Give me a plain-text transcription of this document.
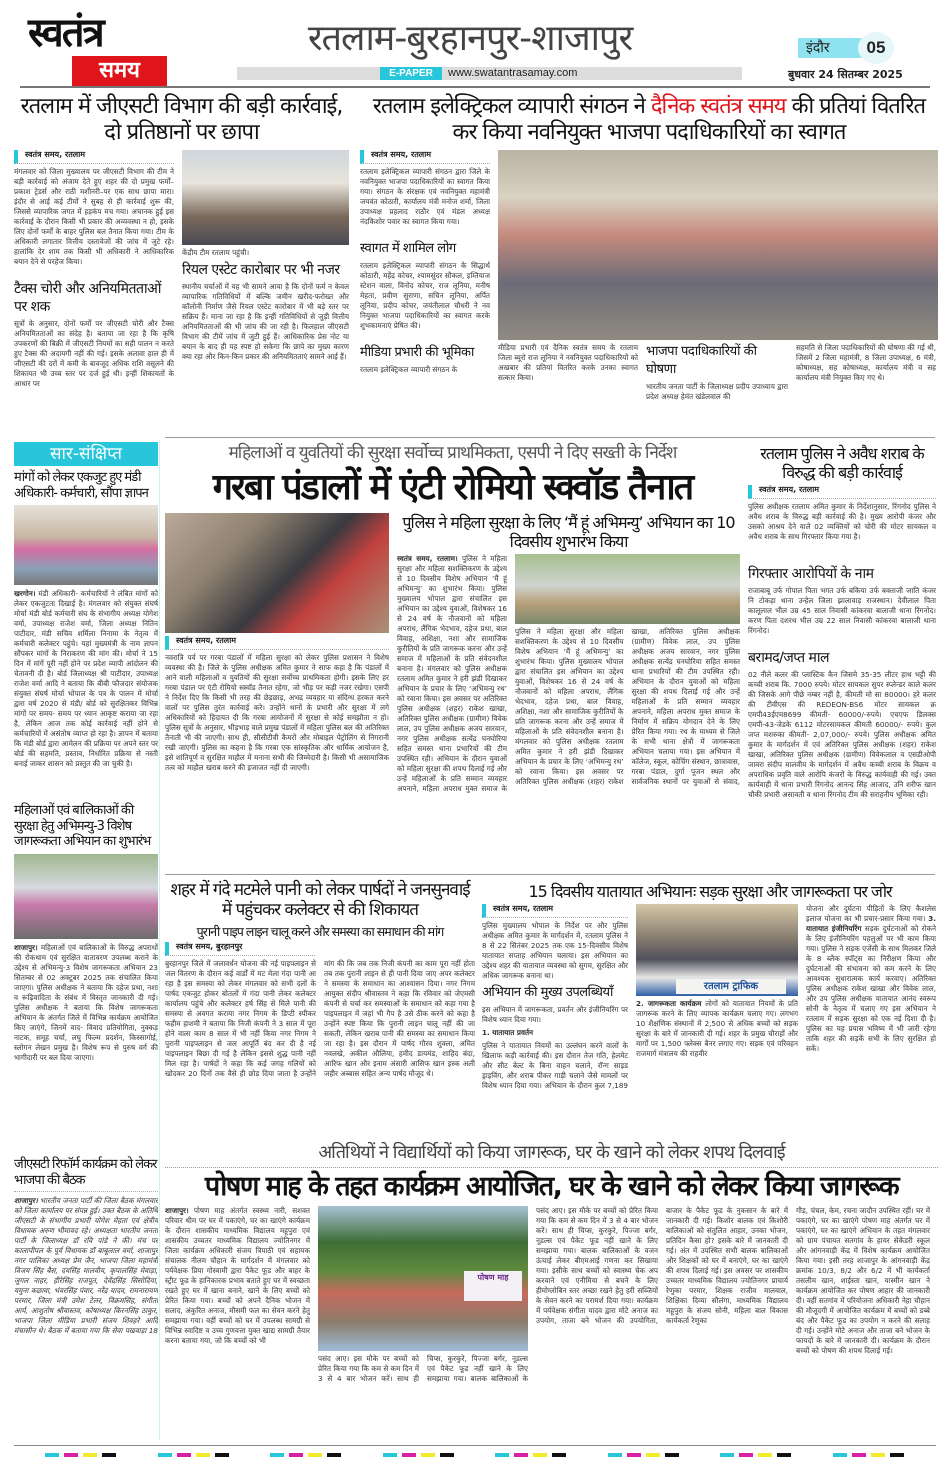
स्वतंत्र
समय
रतलाम-बुरहानपुर-शाजापुर
E-PAPER	www.swatantrasamay.com
इंदौर	05
बुधवार 24 सितम्बर 2025
रतलाम में जीएसटी विभाग की बड़ी कार्रवाई, दो प्रतिष्ठानों पर छापा
स्वतंत्र समय, रतलाम
मंगलवार को जिला मुख्यालय पर जीएसटी विभाग की टीम ने बड़ी कार्रवाई को अंजाम देते हुए शहर की दो प्रमुख फर्मों–प्रकाश ट्रेडर्स और राठी मशीनरी–पर एक साथ छापा मारा। इंदौर से आई कई टीमों ने सुबह से ही कार्रवाई शुरू की, जिससे व्यापारिक जगत में हड़कंप मच गया। अचानक हुई इस कार्रवाई के दौरान किसी भी प्रकार की अव्यवस्था न हो, इसके लिए दोनों फर्मों के बाहर पुलिस बल तैनात किया गया। टीम के अधिकारी लगातार वित्तीय दस्तावेजों की जांच में जुटे रहे। हालांकि देर शाम तक किसी भी अधिकारी ने आधिकारिक बयान देने से परहेज किया।
टैक्स चोरी और अनियमितताओं पर शक
सूत्रों के अनुसार, दोनों फर्मों पर जीएसटी चोरी और टैक्स अनियमितताओं का संदेह है। बताया जा रहा है कि कृषि उपकरणों की बिक्री में जीएसटी नियमों का सही पालन न करते हुए टैक्स की अदायगी नहीं की गई। इसके अलावा हाल ही में जीएसटी की दरों में कमी के बावजूद अधिक राशि वसूलने की शिकायत भी उच्च स्तर पर दर्ज हुई थी। इन्हीं शिकायतों के आधार पर
केंद्रीय टीम रतलाम पहुंची।
रियल एस्टेट कारोबार पर भी नजर
स्थानीय चर्चाओं में यह भी सामने आया है कि दोनों फर्म न केवल व्यापारिक गतिविधियों में बल्कि जमीन खरीद-फरोख्त और कॉलोनी निर्माण जैसे रियल एस्टेट कारोबार में भी बड़े स्तर पर सक्रिय हैं। माना जा रहा है कि इन्हीं गतिविधियों से जुड़ी वित्तीय अनियमितताओं की भी जांच की जा रही है। फिलहाल जीएसटी विभाग की टीमें जांच में जुटी हुई हैं। आधिकारिक प्रेस नोट या बयान के बाद ही यह स्पष्ट हो सकेगा कि छापे का मुख्य कारण क्या रहा और किन-किन प्रकार की अनियमितताएं सामने आई हैं।
रतलाम इलेक्ट्रिकल व्यापारी संगठन ने दैनिक स्वतंत्र समय की प्रतियां वितरित कर किया नवनियुक्त भाजपा पदाधिकारियों का स्वागत
स्वतंत्र समय, रतलाम
रतलाम इलेक्ट्रिकल व्यापारी संगठन द्वारा जिले के नवनियुक्त भाजपा पदाधिकारियों का स्वागत किया गया। संगठन के संरक्षक एवं नवनियुक्त महामंत्री जयवंत कोठारी, कार्यालय मंत्री मनोज शर्मा, जिला उपाध्यक्ष प्रहलाद राठौर एवं मंडल अध्यक्ष नंदकिशोर पवार का स्वागत किया गया।
स्वागत में शामिल लोग
रतलाम इलेक्ट्रिकल व्यापारी संगठन के सिद्धार्थ कोठारी, महेंद्र कोचर, श्यामसुंदर सौकल, इम्तियाज स्टेशन वाला, विनोद कोचर, राज लूनिया, मनीष मेहता, प्रवीण सुराणा, सचिन लूनिया, अर्पित लूनिया, प्रदीप कोचर, जयंतीलाल चौधरी ने नव नियुक्त भाजपा पदाधिकारियों का स्वागत करके शुभकामनाएं प्रेषित की।
मीडिया प्रभारी की भूमिका
रतलाम इलेक्ट्रिकल व्यापारी संगठन के
मीडिया प्रभारी एवं दैनिक स्वतंत्र समय के रतलाम जिला ब्यूरो राज लूनिया ने नवनियुक्त पदाधिकारियों को अखबार की प्रतियां वितरित करके उनका स्वागत सत्कार किया।
भाजपा पदाधिकारियों की घोषणा
भारतीय जनता पार्टी के जिलाध्यक्ष प्रदीप उपाध्याय द्वारा प्रदेश अध्यक्ष हेमंत खंडेलवाल की
सहमति से जिला पदाधिकारियों की घोषणा की गई थी, जिसमें 2 जिला महामंत्री, 8 जिला उपाध्यक्ष, 6 मंत्री, कोषाध्यक्ष, सह कोषाध्यक्ष, कार्यालय मंत्री व सह कार्यालय मंत्री नियुक्त किए गए थे।
सार-संक्षिप्त
मांगों को लेकर एकजुट हुए मंडी अधिकारी- कर्मचारी, सौंपा ज्ञापन
खरगोन। मंडी अधिकारी- कर्मचारियों ने लंबित मांगों को लेकर एकजुटता दिखाई है। मंगलवार को संयुक्त संघर्ष मोर्चा मंडी बोर्ड कर्मचारी संघ के संभागीय अध्यक्ष योगेश वर्मा, उपाध्यक्ष राजेश वर्मा, जिला अध्यक्ष नितिन पाटीदार, मंडी सचिव शर्मिला निनामा के नेतृत्व में कर्मचारी कलेक्टर पहुंचे। यहां मुख्यमंत्री के नाम ज्ञापन सौंपकर मांगों के निराकरण की मांग की। मोर्चा ने 15 दिन में मांगें पूरी नहीं होने पर प्रदेश व्यापी आंदोलन की चेतावनी दी है। बोर्ड जिलाध्यक्ष श्री पाटीदार, उपाध्यक्ष राजेश वर्मा आदि ने बताया कि बीबी फौजदार संयोजक संयुक्त संघर्ष मोर्चा भोपाल के पत्र के पालन में मोर्चा द्वारा वर्ष 2020 से मंडी/ बोर्ड को सुरक्षितकर विभिन्न मांगों पर समय- समय पर ध्यान आकृष्ट कराया जा रहा है, लेकिन आज तक कोई कार्रवाई नहीं होने से कर्मचारियों में असंतोष व्याप्त हो रहा है। ज्ञापन में बताया कि मंडी बोर्ड द्वारा आमेलन की प्रक्रिया पर अपने स्तर पर बोर्ड की सहमति, प्रस्ताव, निर्धारित प्रक्रिया से नस्ती बनाई जाकर शासन को प्रस्तुत की जा चुकी है।
महिलाओं एवं बालिकाओं की सुरक्षा हेतु अभिमन्यु-3 विशेष जागरूकता अभियान का शुभारंभ
शाजापुर। महिलाओं एवं बालिकाओं के विरुद्ध अपराधों की रोकथाम एवं सुरक्षित वातावरण उपलब्ध कराने के उद्देश्य से अभिमन्यु-3 विशेष जागरूकता अभियान 23 सितम्बर से 02 अक्टूबर 2025 तक संचालित किया जाएगा। पुलिस अधीक्षक ने बताया कि दहेज प्रथा, नशा व रूढ़िवादिता के संबंध में विस्तृत जानकारी दी गई। पुलिस अधीक्षक ने बताया कि विशेष जागरूकता अभियान के अंतर्गत जिले में विभिन्न कार्यक्रम आयोजित किए जाएंगे, जिनमें वाद- विवाद प्रतियोगिता, नुक्कड़ नाटक, समूह चर्चा, लघु फिल्म प्रदर्शन, किस्सागोई, स्लोगन लेखन प्रमुख है। विशेष रूप से पुरुष वर्ग की भागीदारी पर बल दिया जाएगा।
जीएसटी रिफॉर्म कार्यक्रम को लेकर भाजपा की बैठक
शाजापुर। भारतीय जनता पार्टी की जिला बैठक मंगलवार को जिला कार्यालय पर संपन्न हुई। उक्त बैठक के अतिथि जीएसटी के संभागीय प्रभारी योगेश मेहता एवं क्षेत्रीय विधायक अरुण भीमावद रहे। अध्यक्षता भारतीय जनता पार्टी के जिलाध्यक्ष डॉ रवि पांडे ने की। मंच पर कालापीपल के पूर्व विधायक डॉ बाबूलाल वर्मा, शाजापुर नगर पालिका अध्यक्ष प्रेम जैन, भाजपा जिला महामंत्री विजय सिंह बैस, दयसिंह मालवीय, कृपालसिंह मेवाड़ा, जुगल नाहर, हीरेसिंह राजपूत, देवेंद्रसिंह सिसोदिया, यमुना कछावा, भंवरसिंह पंवार, नरेंद्र यादव, रामनारायण परमार, जिला मंत्री उमेश टेलर, विक्रमसिंह, संगीता आर्य, आशुतोष श्रीवास्तव, कोषाध्यक्ष किरनसिंह ठाकुर, भाजपा जिला मीडिया प्रभारी संजय शिवहरे आदि मंचासीन थे। बैठक में बताया गया कि सेवा पखवाड़ा 18
महिलाओं व युवतियों की सुरक्षा सर्वोच्च प्राथमिकता, एसपी ने दिए सख्ती के निर्देश
गरबा पंडालों में एंटी रोमियो स्क्वॉड तैनात
स्वतंत्र समय, रतलाम
नवरात्रि पर्व पर गरबा पंडालों में महिला सुरक्षा को लेकर पुलिस प्रशासन ने विशेष व्यवस्था की है। जिले के पुलिस अधीक्षक अमित कुमार ने साफ कहा है कि पंडालों में आने वाली महिलाओं व युवतियों की सुरक्षा सर्वोच्च प्राथमिकता होगी। इसके लिए हर गरबा पंडाल पर एंटी रोमियो स्क्वॉड तैनात रहेगा, जो भीड़ पर कड़ी नजर रखेगा। एसपी ने निर्देश दिए कि किसी भी तरह की छेड़छाड़, अभद्र व्यवहार या संदिग्ध हरकत करने वालों पर पुलिस तुरंत कार्रवाई करे। उन्होंने थानों के प्रभारी और सुरक्षा में लगे अधिकारियों को हिदायत दी कि गरबा आयोजनों में सुरक्षा से कोई समझौता न हो। पुलिस सूत्रों के अनुसार, भीड़भाड़ वाले प्रमुख पंडालों में महिला पुलिस बल की अतिरिक्त तैनाती भी की जाएगी। साथ ही, सीसीटीवी कैमरों और मोबाइल पेट्रोलिंग से निगरानी रखी जाएगी। पुलिस का कहना है कि गरबा एक सांस्कृतिक और धार्मिक आयोजन है, इसे शांतिपूर्ण व सुरक्षित माहौल में मनाना सभी की जिम्मेदारी है। किसी भी असामाजिक तत्व को माहौल खराब करने की इजाजत नहीं दी जाएगी।
पुलिस ने महिला सुरक्षा के लिए ‘मैं हूं अभिमन्यु’ अभियान का 10 दिवसीय शुभारंभ किया
स्वतंत्र समय, रतलाम। पुलिस ने महिला सुरक्षा और महिला सशक्तिकरण के उद्देश्य से 10 दिवसीय विशेष अभियान ‘मैं हूं अभिमन्यु’ का शुभारंभ किया। पुलिस मुख्यालय भोपाल द्वारा संचालित इस अभियान का उद्देश्य युवाओं, विशेषकर 16 से 24 वर्ष के नौजवानों को महिला अपराध, लैंगिक भेदभाव, दहेज प्रथा, बाल विवाह, अशिक्षा, नशा और सामाजिक कुरीतियों के प्रति जागरूक करना और उन्हें समाज में महिलाओं के प्रति संवेदनशील बनाना है। मंगलवार को पुलिस अधीक्षक रतलाम अमित कुमार ने हरी झंडी दिखाकर अभियान के प्रचार के लिए ‘अभिमन्यु रथ’ को रवाना किया। इस अवसर पर अतिरिक्त पुलिस अधीक्षक (शहर) राकेश खाखा, अतिरिक्त पुलिस अधीक्षक (ग्रामीण) विवेक लाल, उप पुलिस अधीक्षक अजय सारवान, नगर पुलिस अधीक्षक सत्येंद्र घनघोरिया सहित समस्त थाना प्रभारियों की टीम उपस्थित रही। अभियान के दौरान युवाओं को महिला सुरक्षा की शपथ दिलाई गई और उन्हें महिलाओं के प्रति सम्मान व्यवहार अपनाने, महिला अपराध मुक्त समाज के
पुलिस ने महिला सुरक्षा और महिला सशक्तिकरण के उद्देश्य से 10 दिवसीय विशेष अभियान ‘मैं हूं अभिमन्यु’ का शुभारंभ किया। पुलिस मुख्यालय भोपाल द्वारा संचालित इस अभियान का उद्देश्य युवाओं, विशेषकर 16 से 24 वर्ष के नौजवानों को महिला अपराध, लैंगिक भेदभाव, दहेज प्रथा, बाल विवाह, अशिक्षा, नशा और सामाजिक कुरीतियों के प्रति जागरूक करना और उन्हें समाज में महिलाओं के प्रति संवेदनशील बनाना है। मंगलवार को पुलिस अधीक्षक रतलाम अमित कुमार ने हरी झंडी दिखाकर अभियान के प्रचार के लिए ‘अभिमन्यु रथ’ को रवाना किया। इस अवसर पर अतिरिक्त पुलिस अधीक्षक (शहर) राकेश खाखा, अतिरिक्त पुलिस अधीक्षक (ग्रामीण) विवेक लाल, उप पुलिस अधीक्षक अजय सारवान, नगर पुलिस अधीक्षक सत्येंद्र घनघोरिया सहित समस्त थाना प्रभारियों की टीम उपस्थित रही। अभियान के दौरान युवाओं को महिला सुरक्षा की शपथ दिलाई गई और उन्हें महिलाओं के प्रति सम्मान व्यवहार अपनाने, महिला अपराध मुक्त समाज के निर्माण में सक्रिय योगदान देने के लिए प्रेरित किया गया। रथ के माध्यम से जिले के सभी थाना क्षेत्रों में जागरूकता अभियान चलाया गया। इस अभियान में कॉलेज, स्कूल, कोचिंग संस्थान, छात्रावास, गरबा पंडाल, दुर्गा पूजन स्थल और सार्वजनिक स्थानों पर युवाओं से संवाद,
रतलाम पुलिस ने अवैध शराब के विरुद्ध की बड़ी कार्रवाई
स्वतंत्र समय, रतलाम
पुलिस अधीक्षक रतलाम अमित कुमार के निर्देशानुसार, रिंगनोद पुलिस ने अवैध शराब के विरुद्ध बड़ी कार्रवाई की है। मुख्य आरोपी कंजर और उसको आश्रय देने वाले 02 व्यक्तियों को चोरी की मोटर सायकल व अवैध शराब के साथ गिरफ्तार किया गया है।
गिरफ्तार आरोपियों के नाम
राजाबाबू उर्फ गोपाल पिता भगत उर्फ बकिया उर्फ बक्ताजी जाति कंजर नि टोकड़ा थाना उन्हेल जिला झालावाड़ राजस्थान। देवीलाल पिता कालूलाल भील उम्र 45 साल निवासी कांकरवा बालाजी थाना रिंगनोद। करण पिता दशरथ भील उम्र 22 साल निवासी कांकरवा बालाजी थाना रिंगनोद।
बरामद/जप्त माल
02 नीले कलर की प्लास्टिक कैन जिसमे 35-35 लीटर हाथ भट्टी की कच्ची शराब कि. 7000 रुपये। मोटर सायकल सुपर स्प्लेन्डर काले कलर की जिसके आगे पीछे नम्बर नहीं है, कीमती मो सा 80000। हरे कलर की टीवीएस की REDEON-BS6 मोटर सायकल क्र एमपी43ईएम8699 कीमती- 60000/-रुपये। एचएफ डिलक्स एमपी-43-जेडके 6112 मोटरसायकल कीमती 60000/- रुपये। कुल जप्त मशरुका कीमती- 2,07,000/- रुपये। पुलिस अधीक्षक अमित कुमार के मार्गदर्शन में एवं अतिरिक्त पुलिस अधीक्षक (शहर) राकेश खाखा, अतिरिक्त पुलिस अधीक्षक (ग्रामीण) विवेकलाल व एसडीओपी जावरा संदीप मालवीय के मार्गदर्शन में अवैध कच्ची शराब के विक्रय व अपराधिक प्रवृति वाले आरोपि कंजरों के विरुद्ध कार्यवाही की गई। उक्त कार्यवाही में थाना प्रभारी रिंगनोद आनन्द सिंह आजाद, उनि शरीफ खान चौकी प्रभारी असावती व थाना रिंगनोद टीम की सराहनीय भूमिका रही।
शहर में गंदे मटमेले पानी को लेकर पार्षदों ने जनसुनवाई में पहुंचकर कलेक्टर से की शिकायत
पुरानी पाइप लाइन चालू करने और समस्या का समाधान की मांग
स्वतंत्र समय, बुरहानपुर
बुरहानपुर जिले में जलावर्धन योजना की नई पाइपलाइन से जल वितरण के दौरान कई वार्डों में मट मेला गंदा पानी आ रहा है इस समस्या को लेकर मंगलवार को सभी दलों के पार्षद एकजुट होकर बोतलों में गंदा पानी लेकर कलेक्टर कार्यालय पहुंचे और कलेक्टर हर्ष सिंह से मिले पानी की समस्या से अवगत कराया नगर निगम के डिप्टी स्पीकर फहीम हाशमी ने बताया कि निजी कंपनी ने 3 साल में पूरा होने वाला काम 8 साल में भी नहीं किया नगर निगम ने पुरानी पाइपलाइन से जल आपूर्ति बंद कर दी है नई पाइपलाइन बिछा दी गई है लेकिन इससे शुद्ध पानी नहीं मिल रहा है। पार्षदों ने कहा कि कई जगह गलियों को खोदकर 20 दिनों तक वैसे ही छोड़ दिया जाता है उन्होंने मांग की कि जब तक निजी कंपनी का काम पूरा नहीं होता तब तक पुरानी लाइन से ही पानी दिया जाए अपर कलेक्टर ने समस्या के समाधान का आश्वासन दिया। नगर निगम आयुक्त संदीप श्रीवास्तव ने कहा कि रविवार को जेएमसी कंपनी से चर्चा कर समस्याओं के समाधान को कहा गया है पाइपलाइन में जहां भी गैप है उसे ठीक करने को कहा है उन्होंने स्पष्ट किया कि पुरानी लाइन चालू नहीं की जा सकती, लेकिन खराब पानी की समस्या का समाधान किया जा रहा है। इस दौरान में पार्षद गौरव शुक्ला, अमित नवलखे, अकील औलिया, हमीद डायमंड, शाहिद बंदा, आरिफ खान और इनाम अंसारी आसिफ खान इस्क अली जहीर अब्बास सहित अन्य पार्षद मौजूद थे।
15 दिवसीय यातायात अभियानः सड़क सुरक्षा और जागरूकता पर जोर
स्वतंत्र समय, रतलाम
पुलिस मुख्यालय भोपाल के निर्देश पर और पुलिस अधीक्षक अमित कुमार के मार्गदर्शन में, रतलाम पुलिस ने 8 से 22 सितंबर 2025 तक एक 15-दिवसीय विशेष यातायात सप्ताह अभियान चलाया। इस अभियान का उद्देश्य शहर की यातायात व्यवस्था को सुगम, सुरक्षित और अधिक जागरूक बनाना था।
अभियान की मुख्य उपलब्धियाँ
इस अभियान में जागरूकता, प्रवर्तन और इंजीनियरिंग पर विशेष ध्यान दिया गया।
1. यातायात प्रवर्तन
पुलिस ने यातायात नियमों का उल्लंघन करने वालों के खिलाफ कड़ी कार्रवाई की। इस दौरान तेज गति, हेलमेट और सीट बेल्ट के बिना वाहन चलाने, रॉन्ग साइड ड्राइविंग, और शराब पीकर गाड़ी चलाने जैसे मामलों पर विशेष ध्यान दिया गया। अभियान के दौरान कुल 7,189
रतलाम ट्राफिक
2. जागरूकता कार्यक्रम लोगों को यातायात नियमों के प्रति जागरूक करने के लिए व्यापक कार्यक्रम चलाए गए। लगभग 10 शैक्षणिक संस्थानों में 2,500 से अधिक बच्चों को सड़क सुरक्षा के बारे में जानकारी दी गई। शहर के प्रमुख चौराहों और मार्गों पर 1,500 फ्लेक्स बैनर लगाए गए। सड़क एवं परिवहन राजमार्ग मंत्रालय की राहवीर
योजना और दुर्घटना पीड़ितों के लिए कैशलेस इलाज योजना का भी प्रचार-प्रसार किया गया। 3. यातायात इंजीनियरिंग सड़क दुर्घटनाओं को रोकने के लिए इंजीनियरिंग पहलुओं पर भी काम किया गया। पुलिस ने सड़क एजेंसी के साथ मिलकर जिले के 8 ब्लैक स्पॉट्स का निरीक्षण किया और दुर्घटनाओं की संभावना को कम करने के लिए आवश्यक सुधारात्मक कार्य करवाए। अतिरिक्त पुलिस अधीक्षक राकेश खाखा और विवेक लाल, और उप पुलिस अधीक्षक यातायात आनंद स्वरूप सोनी के नेतृत्व में चलाए गए इस अभियान ने रतलाम में सड़क सुरक्षा को एक नई दिशा दी है। पुलिस का यह प्रयास भविष्य में भी जारी रहेगा ताकि शहर की सड़कें सभी के लिए सुरक्षित हो सकें।
अतिथियों ने विद्यार्थियों को किया जागरूक, घर के खाने को लेकर शपथ दिलवाई
पोषण माह के तहत कार्यक्रम आयोजित, घर के खाने को लेकर किया जागरूक
शाजापुर। पोषण माह अंतर्गत स्वस्थ्य नारी, सशक्त परिवार थीम पर घर में पकाएंगे, घर का खाएंगे कार्यक्रम के दौरान शासकीय माध्यमिक विद्यालय महूपुरा एवं शासकीय उच्चतर माध्यमिक विद्यालय ज्योतिनगर में जिला कार्यक्रम अधिकारी संजय त्रिपाठी एवं सहायक संचालक नीलम चौहान के मार्गदर्शन में मंगलवार को पर्यवेक्षक प्रिया गोस्वामी द्वारा पैकेट फूड और बाहर के स्ट्रीट फूड के हानिकारक प्रभाव बताते हुए घर में स्वच्छता रखते हुए घर में खाना बनाने, खाने के लिए बच्चों को प्रेरित किया गया। बच्चों को अपने दैनिक भोजन में सलाद, अंकुरित अनाज, मौसमी फल का सेवन करने हेतु समझाया गया। वहीं बच्चों को घर में उपलब्ध सामग्री से विभिन्न स्वादिष्ट व उच्च गुणवत्ता युक्त खाद्य सामग्री तैयार करना बताया गया, जो कि बच्चों को भी
पोषण माह
पसंद आए। इस मौके पर बच्चों को प्रेरित किया गया कि कम से कम दिन में 3 से 4 बार भोजन करें। साथ ही चिप्स, कुरकुरे, पिज्जा बर्गर, नूडल्स एवं पैकेट फूड नहीं खाने के लिए समझाया गया। बालक बालिकाओं के
पसंद आए। इस मौके पर बच्चों को प्रेरित किया गया कि कम से कम दिन में 3 से 4 बार भोजन करें। साथ ही चिप्स, कुरकुरे, पिज्जा बर्गर, नूडल्स एवं पैकेट फूड नहीं खाने के लिए समझाया गया। बालक बालिकाओं के वजन ऊंचाई लेकर बीएमआई गणना कर सिखाया गया। इसीके साथ बच्चों को स्वास्थ्य चेक अप करवाने एवं एनीमिया से बचने के लिए हीमोग्लोबिन स्तर अच्छा रखने हेतु हरी सब्जियों के सेवन करने का परामर्श दिया गया। कार्यक्रम में पर्यवेक्षक संगीता यादव द्वारा मोटे अनाज का उपयोग, ताजा बने भोजन की उपयोगिता, बाजार के पैकेट फूड के नुकसान के बारे में जानकारी दी गई। किशोर बालक एवं किशोरी बालिकाओं को संतुलित आहार, उनका भोजन, प्रतिदिन कैसा हो? इसके बारे में जानकारी दी गई। अंत में उपस्थित सभी बालक बालिकाओं और शिक्षकों को घर में बनाएंगे, घर का खाएंगे की शपथ दिलाई गई। इस अवसर पर शासकीय उच्चतर माध्यमिक विद्यालय ज्योतिनगर प्राचार्य रेणुका परमार, शिक्षक राजीव मालवाल, शिक्षिका दिव्या सौलंगा, माध्यमिक विद्यालय महूपुरा के संजय सोनी, महिला बाल विकास कार्यकर्ता रेणुका
गौड़, चंचल, केम, रचना जादौन उपस्थित रहीं। घर में पकाएंगे, घर का खाएंगे पोषण माह अंतर्गत घर में पकाएंगे, घर का खाएंगे अभियान के तहत मंगलवार को ग्राम पंचायत सतगांव के हायर सेकेंडरी स्कूल और आंगनवाड़ी केंद्र में विशेष कार्यक्रम आयोजित किया गया। इसी तरह शाजापुर के आंगनवाड़ी केंद्र क्रमांक 10/3, 8/2 और 6/2 में भी कार्यकर्ता तसलीम खान, शाईस्ता खान, यास्मीन खान ने कार्यक्रम आयोजित कर पोषण आहार की जानकारी दी। वहीं सतगांव में परियोजना अधिकारी नेहा चौहान की मौजूदगी में आयोजित कार्यक्रम में बच्चों को डब्बे बंद और पैकेट फूड का उपयोग न करने की सलाह दी गई। उन्होंने मोटे अनाज और ताजा बने भोजन के फायदों के बारे में जानकारी दी। कार्यक्रम के दौरान बच्चों को पोषण की शपथ दिलाई गई।
